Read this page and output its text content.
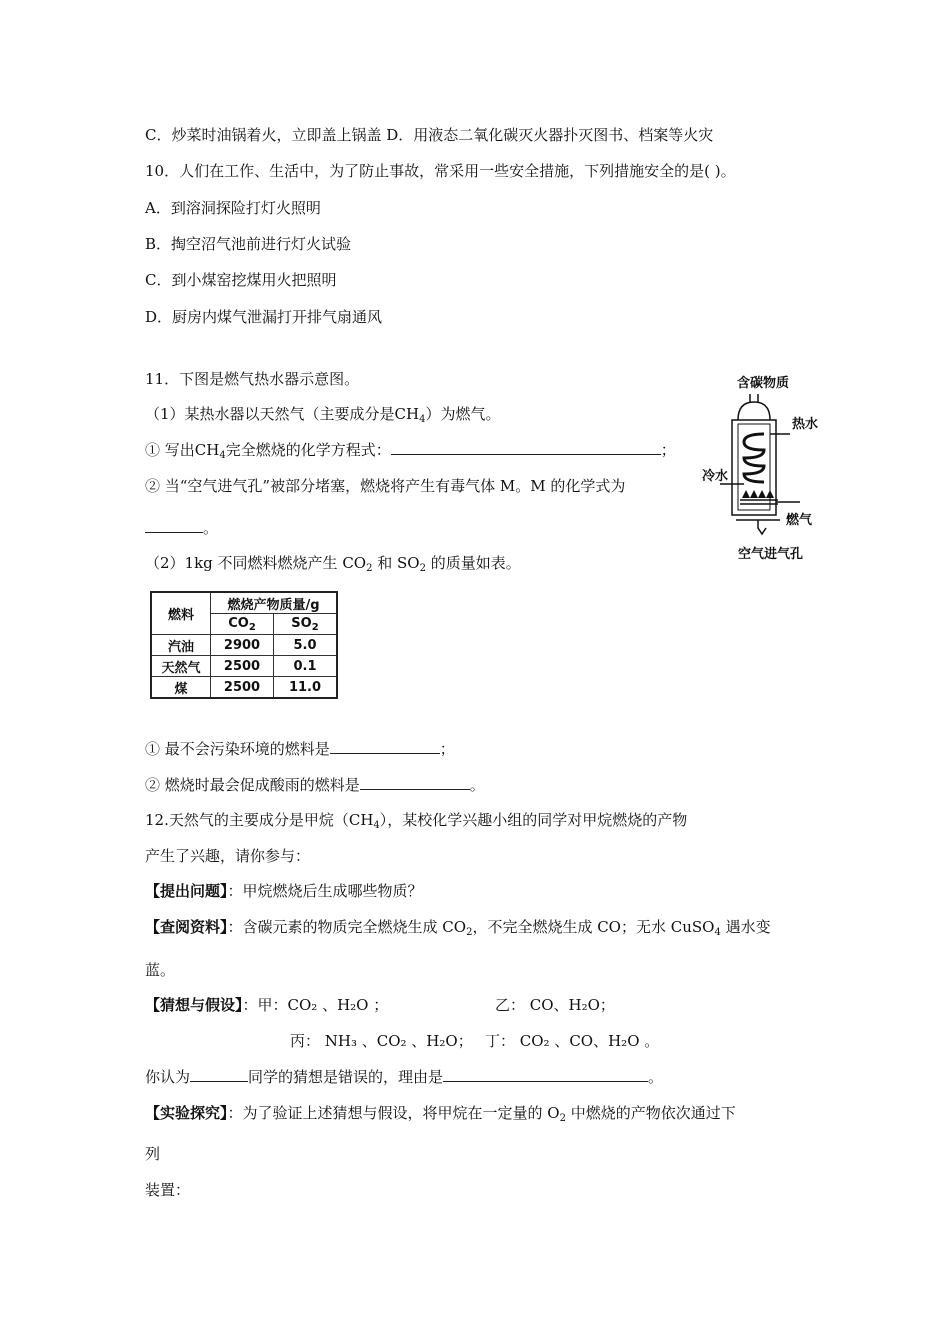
C．炒菜时油锅着火，立即盖上锅盖 D．用液态二氧化碳灭火器扑灭图书、档案等火灾
10．人们在工作、生活中，为了防止事故，常采用一些安全措施，下列措施安全的是( )。
A．到溶洞探险打灯火照明
B．掏空沼气池前进行灯火试验
C．到小煤窑挖煤用火把照明
D．厨房内煤气泄漏打开排气扇通风
11．下图是燃气热水器示意图。
（1）某热水器以天然气（主要成分是$CH_4$）为燃气。
① 写出$CH_4$完全燃烧的化学方程式：	；
② 当“空气进气孔”被部分堵塞，燃烧将产生有毒气体 M。M 的化学式为
。
（2）1kg 不同燃料燃烧产生 $CO_2$ 和 $SO_2$ 的质量如表。
燃料	燃烧产物质量/g	
	$CO_2$	$SO_2$
汽油	2900	5.0
天然气	2500	0.1
煤	2500	11.0
① 最不会污染环境的燃料是	；
② 燃烧时最会促成酸雨的燃料是	。
含碳物质
热水
冷水
燃气
空气进气孔
12.天然气的主要成分是甲烷$(CH_4)$，某校化学兴趣小组的同学对甲烷燃烧的产物
产生了兴趣，请你参与：
【提出问题】：甲烷燃烧后生成哪些物质？
【查阅资料】：含碳元素的物质完全燃烧生成 $CO_2$，不完全燃烧生成 CO；无水 CuSO$_4$ 遇水变
蓝。
【猜想与假设】：甲：CO₂ 、H₂O ；	乙： CO、H₂O；
丙： NH₃ 、CO₂ 、H₂O； 丁： CO₂ 、CO、H₂O 。
你认为	同学的猜想是错误的，理由是	。
【实验探究】：为了验证上述猜想与假设，将甲烷在一定量的 $O_2$ 中燃烧的产物依次通过下
列
装置：
